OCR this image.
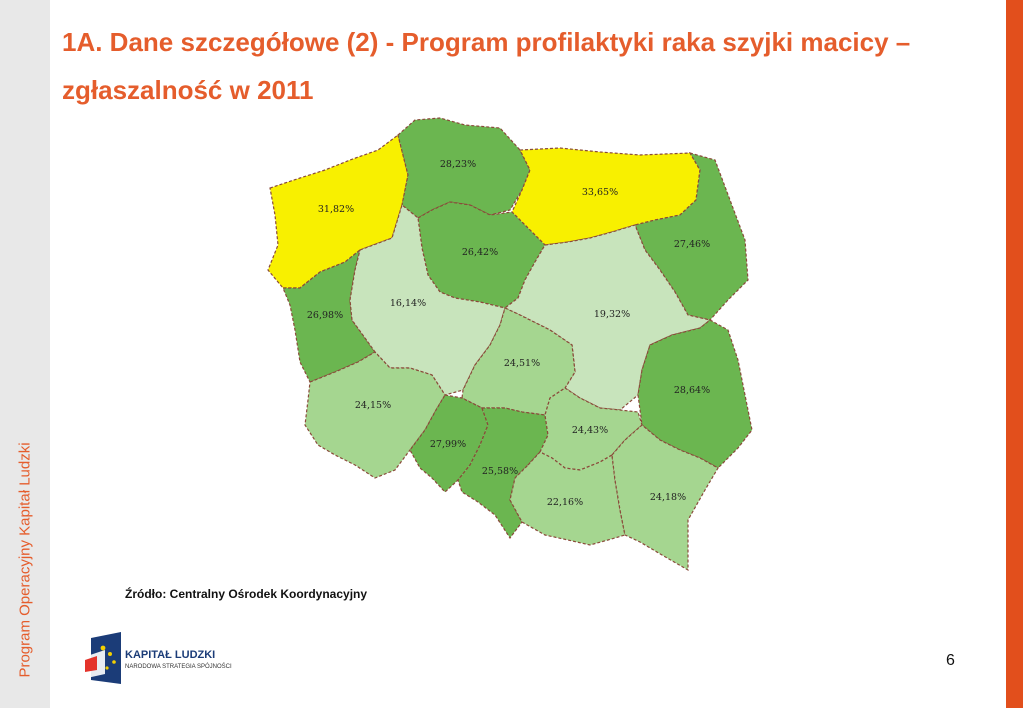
Program Operacyjny Kapitał Ludzki
1A. Dane szczegółowe (2) - Program profilaktyki raka szyjki macicy – zgłaszalność w 2011
31,82%
28,23%
33,65%
27,46%
26,42%
26,98%
16,14%
19,32%
24,51%
28,64%
24,15%
27,99%
25,58%
24,43%
22,16%	24,18%
Źródło: Centralny Ośrodek Koordynacyjny
KAPITAŁ LUDZKI
NARODOWA STRATEGIA SPÓJNOŚCI	6
